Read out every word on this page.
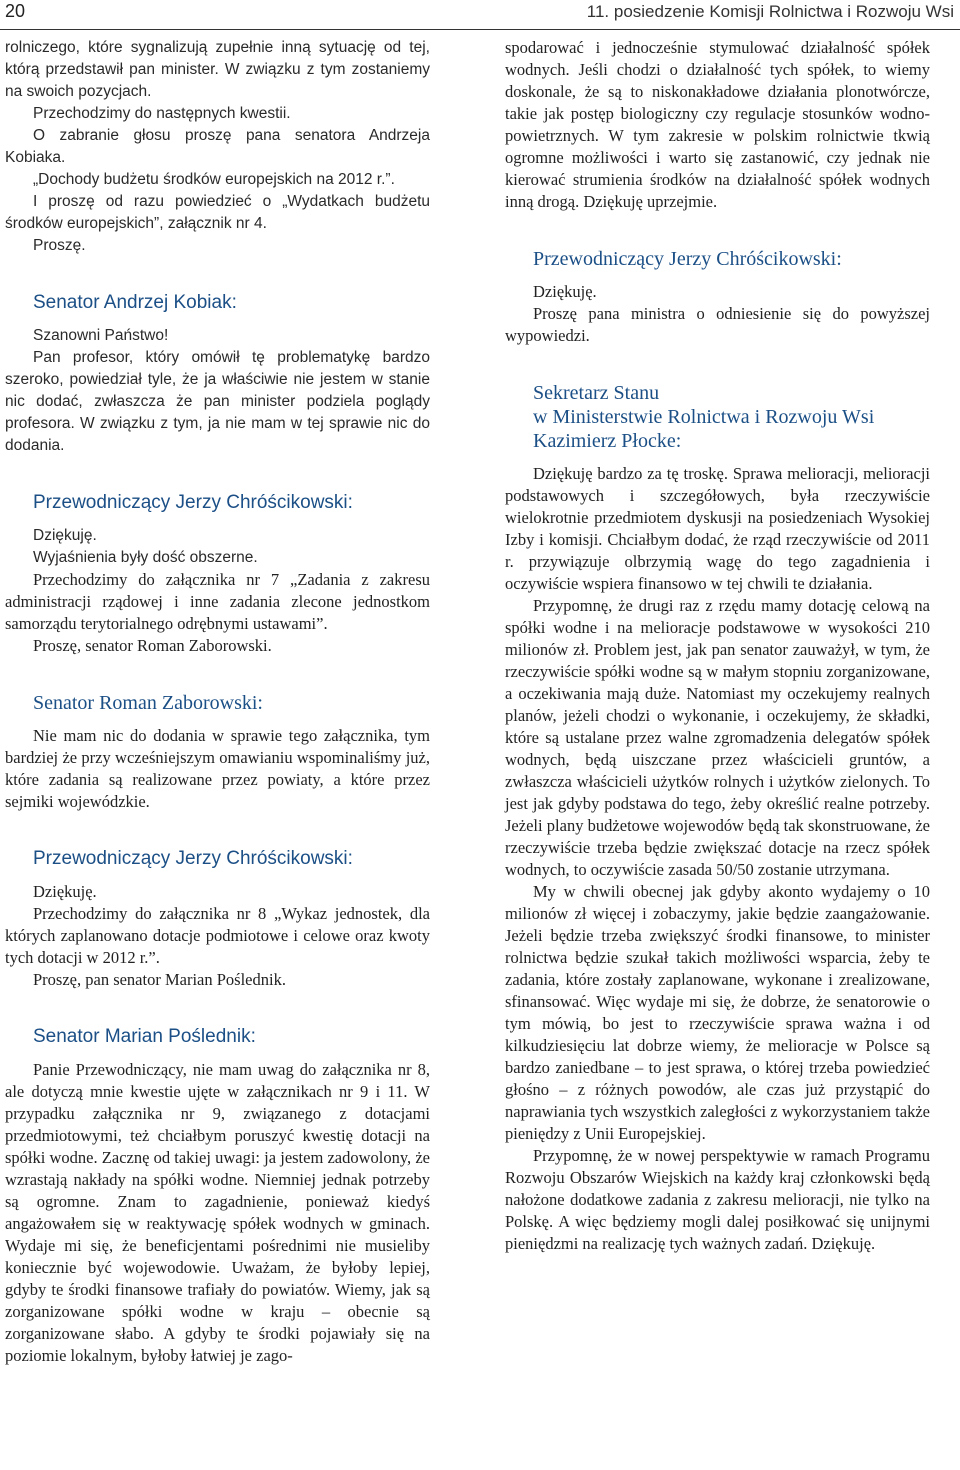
20	11. posiedzenie Komisji Rolnictwa i Rozwoju Wsi

rolniczego, które sygnalizują zupełnie inną sytuację od tej, którą przedstawił pan minister. W związku z tym zostaniemy na swoich pozycjach.

Przechodzimy do następnych kwestii.

O zabranie głosu proszę pana senatora Andrzeja Kobiaka.

„Dochody budżetu środków europejskich na 2012 r.”.

I proszę od razu powiedzieć o „Wydatkach budżetu środków europejskich”, załącznik nr 4.

Proszę.

Senator Andrzej Kobiak:

Szanowni Państwo!

Pan profesor, który omówił tę problematykę bardzo szeroko, powiedział tyle, że ja właściwie nie jestem w stanie nic dodać, zwłaszcza że pan minister podziela poglądy profesora. W związku z tym, ja nie mam w tej sprawie nic do dodania.

Przewodniczący Jerzy Chróścikowski:

Dziękuję.

Wyjaśnienia były dość obszerne.

Przechodzimy do załącznika nr 7 „Zadania z zakresu administracji rządowej i inne zadania zlecone jednostkom samorządu terytorialnego odrębnymi ustawami”.

Proszę, senator Roman Zaborowski.

Senator Roman Zaborowski:

Nie mam nic do dodania w sprawie tego załącznika, tym bardziej że przy wcześniejszym omawianiu wspominaliśmy już, które zadania są realizowane przez powiaty, a które przez sejmiki wojewódzkie.

Przewodniczący Jerzy Chróścikowski:

Dziękuję.

Przechodzimy do załącznika nr 8 „Wykaz jednostek, dla których zaplanowano dotacje podmiotowe i celowe oraz kwoty tych dotacji w 2012 r.”.

Proszę, pan senator Marian Poślednik.

Senator Marian Poślednik:

Panie Przewodniczący, nie mam uwag do załącznika nr 8, ale dotyczą mnie kwestie ujęte w załącznikach nr 9 i 11. W przypadku załącznika nr 9, związanego z dotacjami przedmiotowymi, też chciałbym poruszyć kwestię dotacji na spółki wodne. Zacznę od takiej uwagi: ja jestem zadowolony, że wzrastają nakłady na spółki wodne. Niemniej jednak potrzeby są ogromne. Znam to zagadnienie, ponieważ kiedyś angażowałem się w reaktywację spółek wodnych w gminach. Wydaje mi się, że beneficjentami pośrednimi nie musieliby koniecznie być wojewodowie. Uważam, że byłoby lepiej, gdyby te środki finansowe trafiały do powiatów. Wiemy, jak są zorganizowane spółki wodne w kraju – obecnie są zorganizowane słabo. A gdyby te środki pojawiały się na poziomie lokalnym, byłoby łatwiej je zago-

spodarować i jednocześnie stymulować działalność spółek wodnych. Jeśli chodzi o działalność tych spółek, to wiemy doskonale, że są to niskonakładowe działania plonotwórcze, takie jak postęp biologiczny czy regulacje stosunków wodno-powietrznych. W tym zakresie w polskim rolnictwie tkwią ogromne możliwości i warto się zastanowić, czy jednak nie kierować strumienia środków na działalność spółek wodnych inną drogą. Dziękuję uprzejmie.

Przewodniczący Jerzy Chróścikowski:

Dziękuję.

Proszę pana ministra o odniesienie się do powyższej wypowiedzi.

Sekretarz Stanu
w Ministerstwie Rolnictwa i Rozwoju Wsi
Kazimierz Płocke:

Dziękuję bardzo za tę troskę. Sprawa melioracji, melioracji podstawowych i szczegółowych, była rzeczywiście wielokrotnie przedmiotem dyskusji na posiedzeniach Wysokiej Izby i komisji. Chciałbym dodać, że rząd rzeczywiście od 2011 r. przywiązuje olbrzymią wagę do tego zagadnienia i oczywiście wspiera finansowo w tej chwili te działania.

Przypomnę, że drugi raz z rzędu mamy dotację celową na spółki wodne i na melioracje podstawowe w wysokości 210 milionów zł. Problem jest, jak pan senator zauważył, w tym, że rzeczywiście spółki wodne są w małym stopniu zorganizowane, a oczekiwania mają duże. Natomiast my oczekujemy realnych planów, jeżeli chodzi o wykonanie, i oczekujemy, że składki, które są ustalane przez walne zgromadzenia delegatów spółek wodnych, będą uiszczane przez właścicieli gruntów, a zwłaszcza właścicieli użytków rolnych i użytków zielonych. To jest jak gdyby podstawa do tego, żeby określić realne potrzeby. Jeżeli plany budżetowe wojewodów będą tak skonstruowane, że rzeczywiście trzeba będzie zwiększać dotacje na rzecz spółek wodnych, to oczywiście zasada 50/50 zostanie utrzymana.

My w chwili obecnej jak gdyby akonto wydajemy o 10 milionów zł więcej i zobaczymy, jakie będzie zaangażowanie. Jeżeli będzie trzeba zwiększyć środki finansowe, to minister rolnictwa będzie szukał takich możliwości wsparcia, żeby te zadania, które zostały zaplanowane, wykonane i zrealizowane, sfinansować. Więc wydaje mi się, że dobrze, że senatorowie o tym mówią, bo jest to rzeczywiście sprawa ważna i od kilkudziesięciu lat dobrze wiemy, że melioracje w Polsce są bardzo zaniedbane – to jest sprawa, o której trzeba powiedzieć głośno – z różnych powodów, ale czas już przystąpić do naprawiania tych wszystkich zaległości z wykorzystaniem także pieniędzy z Unii Europejskiej.

Przypomnę, że w nowej perspektywie w ramach Programu Rozwoju Obszarów Wiejskich na każdy kraj członkowski będą nałożone dodatkowe zadania z zakresu melioracji, nie tylko na Polskę. A więc będziemy mogli dalej posiłkować się unijnymi pieniędzmi na realizację tych ważnych zadań. Dziękuję.
